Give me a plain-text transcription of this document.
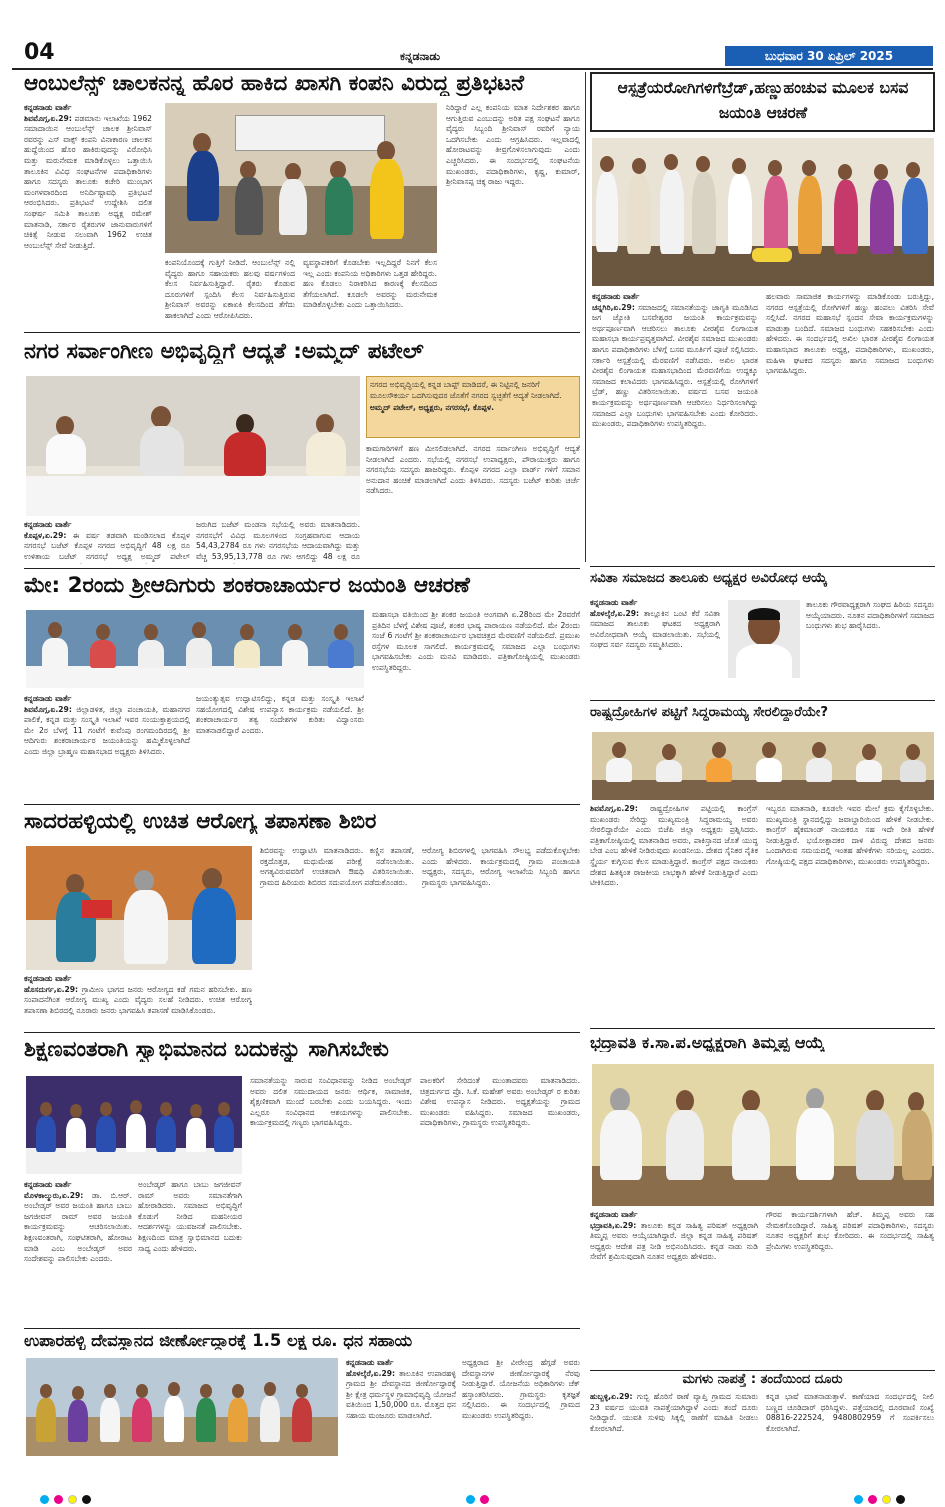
04	ಕನ್ನಡನಾಡು	ಬುಧವಾರ 30 ಏಪ್ರಿಲ್ 2025
ಆಂಬುಲೆನ್ಸ್ ಚಾಲಕನನ್ನ ಹೊರ ಹಾಕಿದ ಖಾಸಗಿ ಕಂಪನಿ ವಿರುದ್ಧ ಪ್ರತಿಭಟನೆ
ಕನ್ನಡನಾಡು ವಾರ್ತೆ
ಶಿವಮೊಗ್ಗ,ಏ.29: ಪಡಮಾನು ಇಲಾಖೆಯ 1962 ಸಮಾದಾಯಿನ ಆಂಬುಲೆನ್ಸ್ ಚಾಲಕ ಶ್ರೀನಿವಾಸ್ ರವರನ್ನು ಎಸ್ ವಾಕ್ಸ್ ಕಂಪನಿ ವಿನಾಕಾರಣ ಚಾಲಕನ ಹುದ್ದೆಯಿಂದ ಹೊರ ಹಾಕಿರುವುದನ್ನು ವಿರೋಧಿಸಿ ಮತ್ತು ಮರುನೇಮಕ ಮಾಡಿಕೊಳ್ಳಲು ಒತ್ತಾಯಿಸಿ ತಾಲೂಕಿನ ವಿವಿಧ ಸಂಘಟನೆಗಳ ಪದಾಧಿಕಾರಿಗಳು ಹಾಗೂ ಸದಸ್ಯರು ತಾಲೂಕು ಕಚೇರಿ ಮುಂಭಾಗ ಮಂಗಳವಾರದಿಂದ ಅನಿರ್ದಿಷ್ಟಾವಧಿ ಪ್ರತಿಭಟನೆ ಆರಂಭಿಸಿದರು. ಪ್ರತಿಭಟನೆ ಉದ್ದೇಶಿಸಿ ದಲಿತ ಸಂಘರ್ಷ ಸಮಿತಿ ತಾಲೂಕು ಅಧ್ಯಕ್ಷ ರಮೇಶ್ ಮಾತನಾಡಿ, ಸರ್ಕಾರ ರೈತರುಗಳ ಜಾನುವಾರುಗಳಿಗೆ ಚಿಕಿತ್ಸೆ ನೀಡುವ ಸಲುವಾಗಿ 1962 ಉಚಿತ ಆಂಬುಲೆನ್ಸ್ ಸೇವೆ ನೀಡುತ್ತಿದೆ.
ಕಂಪನಿಯೊಂದಕ್ಕೆ ಗುತ್ತಿಗೆ ನೀಡಿದೆ. ಆಂಬುಲೆನ್ಸ್ ನಲ್ಲಿ ವೈದ್ಯರು ಹಾಗೂ ಸಹಾಯಕರು ಹಲವು ವರ್ಷಗಳಿಂದ ಕೆಲಸ ನಿರ್ವಹಿಸುತ್ತಿದ್ದಾರೆ. ರೈತರು ಕೊಡುವ ದೂರುಗಳಿಗೆ ಸ್ಪಂದಿಸಿ ಕೆಲಸ ನಿರ್ವಹಿಸುತ್ತಿರುವ ಶ್ರೀನಿವಾಸ್ ಅವರನ್ನು ಏಕಾಏಕಿ ಕೆಲಸದಿಂದ ತೆಗೆದು ಹಾಕಲಾಗಿದೆ ಎಂದು ಆರೋಪಿಸಿದರು.
ವ್ಯವಸ್ಥಾಪಕರಿಗೆ ಕೊಡಬೇಕು ಇಲ್ಲದಿದ್ದರೆ ನಿನಗೆ ಕೆಲಸ ಇಲ್ಲ ಎಂದು ಕಂಪನಿಯ ಅಧಿಕಾರಿಗಳು ಒತ್ತಡ ಹೇರಿದ್ದರು. ಹಣ ಕೊಡಲು ನಿರಾಕರಿಸಿದ ಕಾರಣಕ್ಕೆ ಕೆಲಸದಿಂದ ತೆಗೆಯಲಾಗಿದೆ. ಕೂಡಲೇ ಅವರನ್ನು ಮರುನೇಮಕ ಮಾಡಿಕೊಳ್ಳಬೇಕು ಎಂದು ಒತ್ತಾಯಿಸಿದರು.
ನಿರಿದ್ದಾರೆ ಎಲ್ಲ ಕಂಪನಿಯ ಮಾತ ನಿರ್ದೇಶಕರ ಹಾಗೂ ಆಗುತ್ತಿರುವ ಎಂಬುದನ್ನು ಅರಿತ ಪಕ್ಷ ಸಂಘಟನೆ ಹಾಗೂ ವೈದ್ಯರು ಸಿಬ್ಬಂದಿ ಶ್ರೀನಿವಾಸ್ ರವರಿಗೆ ನ್ಯಾಯ ಒದಗಿಸಬೇಕು ಎಂದು ಆಗ್ರಹಿಸಿದರು. ಇಲ್ಲವಾದಲ್ಲಿ ಹೋರಾಟವನ್ನು ತೀವ್ರಗೊಳಿಸಲಾಗುವುದು ಎಂದು ಎಚ್ಚರಿಸಿದರು. ಈ ಸಂದರ್ಭದಲ್ಲಿ ಸಂಘಟನೆಯ ಮುಖಂಡರು, ಪದಾಧಿಕಾರಿಗಳು, ಕೃಷ್ಣ, ಕುಮಾರ್, ಶ್ರೀನಿವಾಸಪ್ಪ ಚಿಕ್ಕ ರಾಜು ಇದ್ದರು.
ಆಸ್ಪತ್ರೆಯರೋಗಿಗಳಿಗೆಬ್ರೆಡ್,ಹಣ್ಣುಹಂಚುವ ಮೂಲಕ ಬಸವ ಜಯಂತಿ ಆಚರಣೆ
ಕನ್ನಡನಾಡು ವಾರ್ತೆ
ಚನ್ನಗಿರಿ,ಏ.29: ಸಮಾಜದಲ್ಲಿ ಸಮಾನತೆಯನ್ನು ಜಾಗೃತಿ ಮೂಡಿಸಿದ ಜಗ ಜ್ಯೋತಿ ಬಸವೇಶ್ವರರ ಜಯಂತಿ ಕಾರ್ಯಕ್ರಮವನ್ನು ಅರ್ಥಪೂರ್ಣವಾಗಿ ಆಚರಿಸಲು ತಾಲೂಕು ವೀರಶೈವ ಲಿಂಗಾಯತ ಮಹಾಸಭಾ ಕಾರ್ಯಪ್ರವೃತ್ತವಾಗಿದೆ. ವೀರಶೈವ ಸಮಾಜದ ಮುಖಂಡರು ಹಾಗೂ ಪದಾಧಿಕಾರಿಗಳು ಬೆಳಿಗ್ಗೆ ಬಸವ ಮೂರ್ತಿಗೆ ಪೂಜೆ ಸಲ್ಲಿಸಿದರು. ಸರ್ಕಾರಿ ಆಸ್ಪತ್ರೆಯಲ್ಲಿ ಮೆರವಣಿಗೆ ನಡೆಸಿದರು. ಅಖಿಲ ಭಾರತ ವೀರಶೈವ ಲಿಂಗಾಯತ ಮಹಾಸಭಾದಿಂದ ಮೆರವಣಿಗೆಯ ಉದ್ದಕ್ಕೂ ಸಮಾಜದ ಕಲಾವಿದರು ಭಾಗವಹಿಸಿದ್ದರು. ಆಸ್ಪತ್ರೆಯಲ್ಲಿ ರೋಗಿಗಳಿಗೆ ಬ್ರೆಡ್, ಹಣ್ಣು ವಿತರಿಸಲಾಯಿತು. ವರ್ಷದ ಬಸವ ಜಯಂತಿ ಕಾರ್ಯಕ್ರಮವನ್ನು ಅರ್ಥಪೂರ್ಣವಾಗಿ ಆಚರಿಸಲು ನಿರ್ಧರಿಸಲಾಗಿದ್ದು ಸಮಾಜದ ಎಲ್ಲಾ ಬಂಧುಗಳು ಭಾಗವಹಿಸಬೇಕು ಎಂದು ಕೋರಿದರು. ಮುಖಂಡರು, ಪದಾಧಿಕಾರಿಗಳು ಉಪಸ್ಥಿತರಿದ್ದರು.
ಹಲವಾರು ಸಾಮಾಜಿಕ ಕಾರ್ಯಗಳನ್ನು ಮಾಡಿಕೊಂಡು ಬರುತ್ತಿದ್ದು, ನಗರದ ಆಸ್ಪತ್ರೆಯಲ್ಲಿ ರೋಗಿಗಳಿಗೆ ಹಣ್ಣು ಹಂಪಲು ವಿತರಿಸಿ ಸೇವೆ ಸಲ್ಲಿಸಿದೆ. ನಗರದ ಮಹಾಸಭೆ ಸ್ಪಂದನ ಸೇವಾ ಕಾರ್ಯಕ್ರಮಗಳನ್ನು ಮಾಡುತ್ತಾ ಬಂದಿದೆ. ಸಮಾಜದ ಬಂಧುಗಳು ಸಹಕರಿಸಬೇಕು ಎಂದು ಹೇಳಿದರು. ಈ ಸಂದರ್ಭದಲ್ಲಿ ಅಖಿಲ ಭಾರತ ವೀರಶೈವ ಲಿಂಗಾಯತ ಮಹಾಸಭಾದ ತಾಲೂಕು ಅಧ್ಯಕ್ಷ, ಪದಾಧಿಕಾರಿಗಳು, ಮುಖಂಡರು, ಮಹಿಳಾ ಘಟಕದ ಸದಸ್ಯರು ಹಾಗೂ ಸಮಾಜದ ಬಂಧುಗಳು ಭಾಗವಹಿಸಿದ್ದರು.
ನಗರ ಸರ್ವಾಂಗೀಣ ಅಭಿವೃದ್ಧಿಗೆ ಆದ್ಯತೆ :ಅಮ್ಮದ್ ಪಟೇಲ್
ನಗರದ ಅಭಿವೃದ್ಧಿಯಲ್ಲಿ ಕನ್ನಡ ಬಾಪ್ಟ್ ಮಾಡಿದರೆ, ಈ ನಿಟ್ಟಿನಲ್ಲಿ ಜನರಿಗೆ ಮೂಲಸೌಕರ್ಯ ಒದಗಿಸುವುದರ ಜೊತೆಗೆ ನಗರದ ಸ್ವಚ್ಛತೆಗೆ ಆದ್ಯತೆ ನೀಡಲಾಗಿದೆ.
ಅಮ್ಮದ್ ಪಟೇಲ್, ಅಧ್ಯಕ್ಷರು, ನಗರಸಭೆ, ಕೊಪ್ಪಳ.
ಕಾಮಗಾರಿಗಳಿಗೆ ಹಣ ಮೀಸಲಿಡಲಾಗಿದೆ. ನಗರದ ಸರ್ವಾಂಗೀಣ ಅಭಿವೃದ್ಧಿಗೆ ಆದ್ಯತೆ ನೀಡಲಾಗಿದೆ ಎಂದರು. ಸಭೆಯಲ್ಲಿ ನಗರಸಭೆ ಉಪಾಧ್ಯಕ್ಷರು, ಪೌರಾಯುಕ್ತರು ಹಾಗೂ ನಗರಸಭೆಯ ಸದಸ್ಯರು ಹಾಜರಿದ್ದರು. ಕೊಪ್ಪಳ ನಗರದ ಎಲ್ಲಾ ವಾರ್ಡ್ ಗಳಿಗೆ ಸಮಾನ ಅನುದಾನ ಹಂಚಿಕೆ ಮಾಡಲಾಗಿದೆ ಎಂದು ತಿಳಿಸಿದರು. ಸದಸ್ಯರು ಬಜೆಟ್ ಕುರಿತು ಚರ್ಚೆ ನಡೆಸಿದರು.
ಕನ್ನಡನಾಡು ವಾರ್ತೆ
ಕೊಪ್ಪಳ,ಏ.29: ಈ ವರ್ಷ ತಡವಾಗಿ ಮಂಡಿಸಲಾದ ಕೊಪ್ಪಳ ನಗರಸಭೆ ಬಜೆಟ್ ಕೊಪ್ಪಳ ನಗರದ ಅಭಿವೃದ್ಧಿಗೆ 48 ಲಕ್ಷ ರೂ ಉಳಿತಾಯ ಬಜೆಟ್ ನಗರಸಭೆ ಅಧ್ಯಕ್ಷ ಅಮ್ಮದ್ ಪಟೇಲ್
ಜರುಗಿದ ಬಜೆಟ್ ಮಂಡನಾ ಸಭೆಯಲ್ಲಿ ಅವರು ಮಾತನಾಡಿದರು. ನಗರಸಭೆಗೆ ವಿವಿಧ ಮೂಲಗಳಿಂದ ಸಂಗ್ರಹವಾಗುವ ಆದಾಯ 54,43,2784 ರೂ ಗಳು ನಗರಸಭೆಯ ಆದಾಯವಾಗಿದ್ದು ಮತ್ತು ವೆಚ್ಚ 53,95,13,778 ರೂ ಗಳು ಆಗಲಿದ್ದು 48 ಲಕ್ಷ ರೂ
ಸವಿತಾ ಸಮಾಜದ ತಾಲೂಕು ಅಧ್ಯಕ್ಷರ ಅವಿರೋಧ ಆಯ್ಕೆ
ಕನ್ನಡನಾಡು ವಾರ್ತೆ
ಹೊಳಲ್ಕೆರೆ,ಏ.29: ತಾಲ್ಲೂಕಿನ ಒಂಟಿ ಕೆರೆ ಸವಿತಾ ಸಮಾಜದ ತಾಲೂಕು ಘಟಕದ ಅಧ್ಯಕ್ಷರಾಗಿ ಅವಿರೋಧವಾಗಿ ಆಯ್ಕೆ ಮಾಡಲಾಯಿತು. ಸಭೆಯಲ್ಲಿ ಸಂಘದ ಸರ್ವ ಸದಸ್ಯರು ಸಮ್ಮತಿಸಿದರು.
ತಾಲೂಕು ಗೌರವಾಧ್ಯಕ್ಷರಾಗಿ ಸಂಘದ ಹಿರಿಯ ಸದಸ್ಯರು ಆಯ್ಕೆಯಾದರು. ನೂತನ ಪದಾಧಿಕಾರಿಗಳಿಗೆ ಸಮಾಜದ ಬಂಧುಗಳು ಶುಭ ಹಾರೈಸಿದರು.
ಮೇ: 2ರಂದು ಶ್ರೀಆದಿಗುರು ಶಂಕರಾಚಾರ್ಯರ ಜಯಂತಿ ಆಚರಣೆ
ಮಹಾಸಭಾ ವತಿಯಿಂದ ಶ್ರೀ ಶಂಕರ ಜಯಂತಿ ಅಂಗವಾಗಿ ಏ.28ರಿಂದ ಮೇ 2ರವರೆಗೆ ಪ್ರತಿದಿನ ಬೆಳಗ್ಗೆ ವಿಶೇಷ ಪೂಜೆ, ಶಂಕರ ಭಾಷ್ಯ ಪಾರಾಯಣ ನಡೆಯಲಿದೆ. ಮೇ 2ರಂದು ಸಂಜೆ 6 ಗಂಟೆಗೆ ಶ್ರೀ ಶಂಕರಾಚಾರ್ಯರ ಭಾವಚಿತ್ರದ ಮೆರವಣಿಗೆ ನಡೆಯಲಿದೆ. ಪ್ರಮುಖ ರಸ್ತೆಗಳ ಮೂಲಕ ಸಾಗಲಿದೆ. ಕಾರ್ಯಕ್ರಮದಲ್ಲಿ ಸಮಾಜದ ಎಲ್ಲಾ ಬಂಧುಗಳು ಭಾಗವಹಿಸಬೇಕು ಎಂದು ಮನವಿ ಮಾಡಿದರು. ಪತ್ರಿಕಾಗೋಷ್ಠಿಯಲ್ಲಿ ಮುಖಂಡರು ಉಪಸ್ಥಿತರಿದ್ದರು.
ಕನ್ನಡನಾಡು ವಾರ್ತೆ
ಶಿವಮೊಗ್ಗ,ಏ.29: ಜಿಲ್ಲಾಡಳಿತ, ಜಿಲ್ಲಾ ಪಂಚಾಯತಿ, ಮಹಾನಗರ ಪಾಲಿಕೆ, ಕನ್ನಡ ಮತ್ತು ಸಂಸ್ಕೃತಿ ಇಲಾಖೆ ಇವರ ಸಂಯುಕ್ತಾಶ್ರಯದಲ್ಲಿ ಮೇ 2ರ ಬೆಳಗ್ಗೆ 11 ಗಂಟೆಗೆ ಕುವೆಂಪು ರಂಗಮಂದಿರದಲ್ಲಿ ಶ್ರೀ ಆದಿಗುರು ಶಂಕರಾಚಾರ್ಯರ ಜಯಂತಿಯನ್ನು ಹಮ್ಮಿಕೊಳ್ಳಲಾಗಿದೆ ಎಂದು ಜಿಲ್ಲಾ ಬ್ರಾಹ್ಮಣ ಮಹಾಸಭಾದ ಅಧ್ಯಕ್ಷರು ತಿಳಿಸಿದರು.
ಜಯಂತ್ಯುತ್ಸವ ಉದ್ಘಾಟಿಸಲಿದ್ದು, ಕನ್ನಡ ಮತ್ತು ಸಂಸ್ಕೃತಿ ಇಲಾಖೆ ಸಹಯೋಗದಲ್ಲಿ ವಿಶೇಷ ಉಪನ್ಯಾಸ ಕಾರ್ಯಕ್ರಮ ನಡೆಯಲಿದೆ. ಶ್ರೀ ಶಂಕರಾಚಾರ್ಯರ ತತ್ವ ಸಂದೇಶಗಳ ಕುರಿತು ವಿದ್ವಾಂಸರು ಮಾತನಾಡಲಿದ್ದಾರೆ ಎಂದರು.
ರಾಷ್ಟ್ರದ್ರೋಹಿಗಳ ಪಟ್ಟಿಗೆ ಸಿದ್ಧರಾಮಯ್ಯ ಸೇರಲಿದ್ದಾರೆಯೇ?
ಶಿವಮೊಗ್ಗ,ಏ.29: ರಾಷ್ಟ್ರದ್ರೋಹಿಗಳ ಪಟ್ಟಿಯಲ್ಲಿ ಕಾಂಗ್ರೆಸ್ ಮುಖಂಡರು ಸೇರಿದ್ದು ಮುಖ್ಯಮಂತ್ರಿ ಸಿದ್ಧರಾಮಯ್ಯ ಅವರು ಸೇರಲಿದ್ದಾರೆಯೇ ಎಂದು ಬಿಜೆಪಿ ಜಿಲ್ಲಾ ಅಧ್ಯಕ್ಷರು ಪ್ರಶ್ನಿಸಿದರು. ಪತ್ರಿಕಾಗೋಷ್ಠಿಯಲ್ಲಿ ಮಾತನಾಡಿದ ಅವರು, ಪಾಕಿಸ್ತಾನದ ಜೊತೆ ಯುದ್ಧ ಬೇಡ ಎಂಬ ಹೇಳಿಕೆ ನೀಡಿರುವುದು ಖಂಡನೀಯ. ದೇಶದ ಸೈನಿಕರ ನೈತಿಕ ಸ್ಥೈರ್ಯ ಕುಗ್ಗಿಸುವ ಕೆಲಸ ಮಾಡುತ್ತಿದ್ದಾರೆ. ಕಾಂಗ್ರೆಸ್ ಪಕ್ಷದ ನಾಯಕರು ದೇಶದ ಹಿತಕ್ಕಿಂತ ರಾಜಕೀಯ ಲಾಭಕ್ಕಾಗಿ ಹೇಳಿಕೆ ನೀಡುತ್ತಿದ್ದಾರೆ ಎಂದು ಟೀಕಿಸಿದರು.
ಇಬ್ಬರೂ ಮಾತನಾಡಿ, ಕೂಡಲೇ ಇವರ ಮೇಲೆ ಕ್ರಮ ಕೈಗೊಳ್ಳಬೇಕು. ಮುಖ್ಯಮಂತ್ರಿ ಸ್ಥಾನದಲ್ಲಿದ್ದು ಜವಾಬ್ದಾರಿಯಿಂದ ಹೇಳಿಕೆ ನೀಡಬೇಕು. ಕಾಂಗ್ರೆಸ್ ಹೈಕಮಾಂಡ್ ನಾಯಕರೂ ಸಹ ಇದೇ ರೀತಿ ಹೇಳಿಕೆ ನೀಡುತ್ತಿದ್ದಾರೆ. ಭಯೋತ್ಪಾದಕರ ದಾಳಿ ವಿರುದ್ಧ ದೇಶದ ಜನರು ಒಂದಾಗಿರುವ ಸಮಯದಲ್ಲಿ ಇಂತಹ ಹೇಳಿಕೆಗಳು ಸರಿಯಲ್ಲ ಎಂದರು. ಗೋಷ್ಠಿಯಲ್ಲಿ ಪಕ್ಷದ ಪದಾಧಿಕಾರಿಗಳು, ಮುಖಂಡರು ಉಪಸ್ಥಿತರಿದ್ದರು.
ಸಾದರಹಳ್ಳಿಯಲ್ಲಿ ಉಚಿತ ಆರೋಗ್ಯ ತಪಾಸಣಾ ಶಿಬಿರ
ಶಿಬಿರವನ್ನು ಉದ್ಘಾಟಿಸಿ ಮಾತನಾಡಿದರು. ಕಣ್ಣಿನ ತಪಾಸಣೆ, ರಕ್ತದೊತ್ತಡ, ಮಧುಮೇಹ ಪರೀಕ್ಷೆ ನಡೆಸಲಾಯಿತು. ಅಗತ್ಯವಿರುವವರಿಗೆ ಉಚಿತವಾಗಿ ಔಷಧಿ ವಿತರಿಸಲಾಯಿತು. ಗ್ರಾಮದ ಹಿರಿಯರು ಶಿಬಿರದ ಸದುಪಯೋಗ ಪಡೆದುಕೊಂಡರು.
ಆರೋಗ್ಯ ಶಿಬಿರಗಳಲ್ಲಿ ಭಾಗವಹಿಸಿ ಸೌಲಭ್ಯ ಪಡೆದುಕೊಳ್ಳಬೇಕು ಎಂದು ಹೇಳಿದರು. ಕಾರ್ಯಕ್ರಮದಲ್ಲಿ ಗ್ರಾಮ ಪಂಚಾಯತಿ ಅಧ್ಯಕ್ಷರು, ಸದಸ್ಯರು, ಆರೋಗ್ಯ ಇಲಾಖೆಯ ಸಿಬ್ಬಂದಿ ಹಾಗೂ ಗ್ರಾಮಸ್ಥರು ಭಾಗವಹಿಸಿದ್ದರು.
ಕನ್ನಡನಾಡು ವಾರ್ತೆ
ಹೊಸದುರ್ಗ,ಏ.29: ಗ್ರಾಮೀಣ ಭಾಗದ ಜನರು ಆರೋಗ್ಯದ ಕಡೆ ಗಮನ ಹರಿಸಬೇಕು. ಹಣ ಸಂಪಾದನೆಗಿಂತ ಆರೋಗ್ಯ ಮುಖ್ಯ ಎಂದು ವೈದ್ಯರು ಸಲಹೆ ನೀಡಿದರು. ಉಚಿತ ಆರೋಗ್ಯ ತಪಾಸಣಾ ಶಿಬಿರದಲ್ಲಿ ನೂರಾರು ಜನರು ಭಾಗವಹಿಸಿ ತಪಾಸಣೆ ಮಾಡಿಸಿಕೊಂಡರು.
ಶಿಕ್ಷಣವಂತರಾಗಿ ಸ್ವಾಭಿಮಾನದ ಬದುಕನ್ನು ಸಾಗಿಸಬೇಕು
ಸಮಾನತೆಯನ್ನು ಸಾರುವ ಸಂವಿಧಾನವನ್ನು ನೀಡಿದ ಅಂಬೇಡ್ಕರ್ ಅವರು ದಲಿತ ಸಮುದಾಯದ ಜನರು ಆರ್ಥಿಕ, ಸಾಮಾಜಿಕ, ಶೈಕ್ಷಣಿಕವಾಗಿ ಮುಂದೆ ಬರಬೇಕು ಎಂದು ಬಯಸಿದ್ದರು. ಇಂದು ಎಲ್ಲರೂ ಸಂವಿಧಾನದ ಆಶಯಗಳನ್ನು ಪಾಲಿಸಬೇಕು. ಕಾರ್ಯಕ್ರಮದಲ್ಲಿ ಗಣ್ಯರು ಭಾಗವಹಿಸಿದ್ದರು.
ಪಾಲಕರಿಗೆ ಸೇರಿದಂತೆ ಮುಂತಾದವರು ಮಾತನಾಡಿದರು. ಚಿತ್ರದುರ್ಗದ ಪ್ರೊ. ಸಿ.ಕೆ. ಮಹೇಶ್ ಅವರು ಅಂಬೇಡ್ಕರ್ ರ ಕುರಿತು ವಿಶೇಷ ಉಪನ್ಯಾಸ ನೀಡಿದರು. ಅಧ್ಯಕ್ಷತೆಯನ್ನು ಗ್ರಾಮದ ಮುಖಂಡರು ವಹಿಸಿದ್ದರು. ಸಮಾಜದ ಮುಖಂಡರು, ಪದಾಧಿಕಾರಿಗಳು, ಗ್ರಾಮಸ್ಥರು ಉಪಸ್ಥಿತರಿದ್ದರು.
ಕನ್ನಡನಾಡು ವಾರ್ತೆ
ಮೊಳಕಾಲ್ಮುರು,ಏ.29: ಡಾ. ಬಿ.ಆರ್. ಅಂಬೇಡ್ಕರ್ ಅವರ ಜಯಂತಿ ಹಾಗೂ ಬಾಬು ಜಗಜೀವನ್ ರಾಮ್ ಅವರ ಜಯಂತಿ ಕಾರ್ಯಕ್ರಮವನ್ನು ಆಚರಿಸಲಾಯಿತು. ಶಿಕ್ಷಣವಂತರಾಗಿ, ಸಂಘಟಿತರಾಗಿ, ಹೋರಾಟ ಮಾಡಿ ಎಂಬ ಅಂಬೇಡ್ಕರ್ ಅವರ ಸಂದೇಶವನ್ನು ಪಾಲಿಸಬೇಕು ಎಂದರು.
ಅಂಬೇಡ್ಕರ್ ಹಾಗೂ ಬಾಬು ಜಗಜೀವನ್ ರಾಮ್ ಅವರು ಸಮಾನತೆಗಾಗಿ ಹೋರಾಡಿದರು. ಸಮಾಜದ ಅಭಿವೃದ್ಧಿಗೆ ಕೊಡುಗೆ ನೀಡಿದ ಮಹನೀಯರ ಆದರ್ಶಗಳನ್ನು ಯುವಜನತೆ ಪಾಲಿಸಬೇಕು. ಶಿಕ್ಷಣದಿಂದ ಮಾತ್ರ ಸ್ವಾಭಿಮಾನದ ಬದುಕು ಸಾಧ್ಯ ಎಂದು ಹೇಳಿದರು.
ಭದ್ರಾವತಿ ಕ.ಸಾ.ಪ.ಅಧ್ಯಕ್ಷರಾಗಿ ತಿಮ್ಮಪ್ಪ ಆಯ್ಕೆ
ಕನ್ನಡನಾಡು ವಾರ್ತೆ
ಭದ್ರಾವತಿ,ಏ.29: ತಾಲೂಕು ಕನ್ನಡ ಸಾಹಿತ್ಯ ಪರಿಷತ್ ಅಧ್ಯಕ್ಷರಾಗಿ ತಿಮ್ಮಪ್ಪ ಅವರು ಆಯ್ಕೆಯಾಗಿದ್ದಾರೆ. ಜಿಲ್ಲಾ ಕನ್ನಡ ಸಾಹಿತ್ಯ ಪರಿಷತ್ ಅಧ್ಯಕ್ಷರು ಆದೇಶ ಪತ್ರ ನೀಡಿ ಅಭಿನಂದಿಸಿದರು. ಕನ್ನಡ ನಾಡು ನುಡಿ ಸೇವೆಗೆ ಶ್ರಮಿಸುವುದಾಗಿ ನೂತನ ಅಧ್ಯಕ್ಷರು ಹೇಳಿದರು.
ಗೌರವ ಕಾರ್ಯದರ್ಶಿಗಳಾಗಿ ಹೆಚ್. ತಿಮ್ಮಪ್ಪ ಅವರು ಸಹ ನೇಮಕಗೊಂಡಿದ್ದಾರೆ. ಸಾಹಿತ್ಯ ಪರಿಷತ್ ಪದಾಧಿಕಾರಿಗಳು, ಸದಸ್ಯರು ನೂತನ ಅಧ್ಯಕ್ಷರಿಗೆ ಶುಭ ಕೋರಿದರು. ಈ ಸಂದರ್ಭದಲ್ಲಿ ಸಾಹಿತ್ಯ ಪ್ರೇಮಿಗಳು ಉಪಸ್ಥಿತರಿದ್ದರು.
ಉಪಾರಹಳ್ಳಿ ದೇವಸ್ಥಾನದ ಜೀರ್ಣೋದ್ಧಾರಕ್ಕೆ 1.5 ಲಕ್ಷ ರೂ. ಧನ ಸಹಾಯ
ಕನ್ನಡನಾಡು ವಾರ್ತೆ
ಹೊಳಲ್ಕೆರೆ,ಏ.29: ತಾಲೂಕಿನ ಉಪಾರಹಳ್ಳಿ ಗ್ರಾಮದ ಶ್ರೀ ದೇವಸ್ಥಾನದ ಜೀರ್ಣೋದ್ಧಾರಕ್ಕೆ ಶ್ರೀ ಕ್ಷೇತ್ರ ಧರ್ಮಸ್ಥಳ ಗ್ರಾಮಾಭಿವೃದ್ಧಿ ಯೋಜನೆ ವತಿಯಿಂದ 1,50,000 ರೂ. ಮೊತ್ತದ ಧನ ಸಹಾಯ ಮಂಜೂರು ಮಾಡಲಾಗಿದೆ.
ಅಧ್ಯಕ್ಷರಾದ ಶ್ರೀ ವೀರೇಂದ್ರ ಹೆಗ್ಗಡೆ ಅವರು ದೇವಸ್ಥಾನಗಳ ಜೀರ್ಣೋದ್ಧಾರಕ್ಕೆ ನೆರವು ನೀಡುತ್ತಿದ್ದಾರೆ. ಯೋಜನೆಯ ಅಧಿಕಾರಿಗಳು ಚೆಕ್ ಹಸ್ತಾಂತರಿಸಿದರು. ಗ್ರಾಮಸ್ಥರು ಕೃತಜ್ಞತೆ ಸಲ್ಲಿಸಿದರು. ಈ ಸಂದರ್ಭದಲ್ಲಿ ಗ್ರಾಮದ ಮುಖಂಡರು ಉಪಸ್ಥಿತರಿದ್ದರು.
ಮಗಳು ನಾಪತ್ತೆ : ತಂದೆಯಿಂದ ದೂರು
ಹುಬ್ಬಳ್ಳಿ,ಏ.29: ಗುಬ್ಬಿ ಹೊರಿಸೆ ಠಾಣೆ ವ್ಯಾಪ್ತಿ ಗ್ರಾಮದ ಸುಮಾರು 23 ವರ್ಷದ ಯುವತಿ ನಾಪತ್ತೆಯಾಗಿದ್ದಾಳೆ ಎಂದು ತಂದೆ ದೂರು ನೀಡಿದ್ದಾರೆ. ಯುವತಿ ಸುಳಿವು ಸಿಕ್ಕಲ್ಲಿ ಠಾಣೆಗೆ ಮಾಹಿತಿ ನೀಡಲು ಕೋರಲಾಗಿದೆ.
ಕನ್ನಡ ಭಾಷೆ ಮಾತನಾಡುತ್ತಾಳೆ. ಕಾಣೆಯಾದ ಸಂದರ್ಭದಲ್ಲಿ ನೀಲಿ ಬಣ್ಣದ ಚೂಡಿದಾರ್ ಧರಿಸಿದ್ದಳು. ಪತ್ತೆಯಾದಲ್ಲಿ ದೂರವಾಣಿ ಸಂಖ್ಯೆ 08816-222524, 9480802959 ಗೆ ಸಂಪರ್ಕಿಸಲು ಕೋರಲಾಗಿದೆ.
